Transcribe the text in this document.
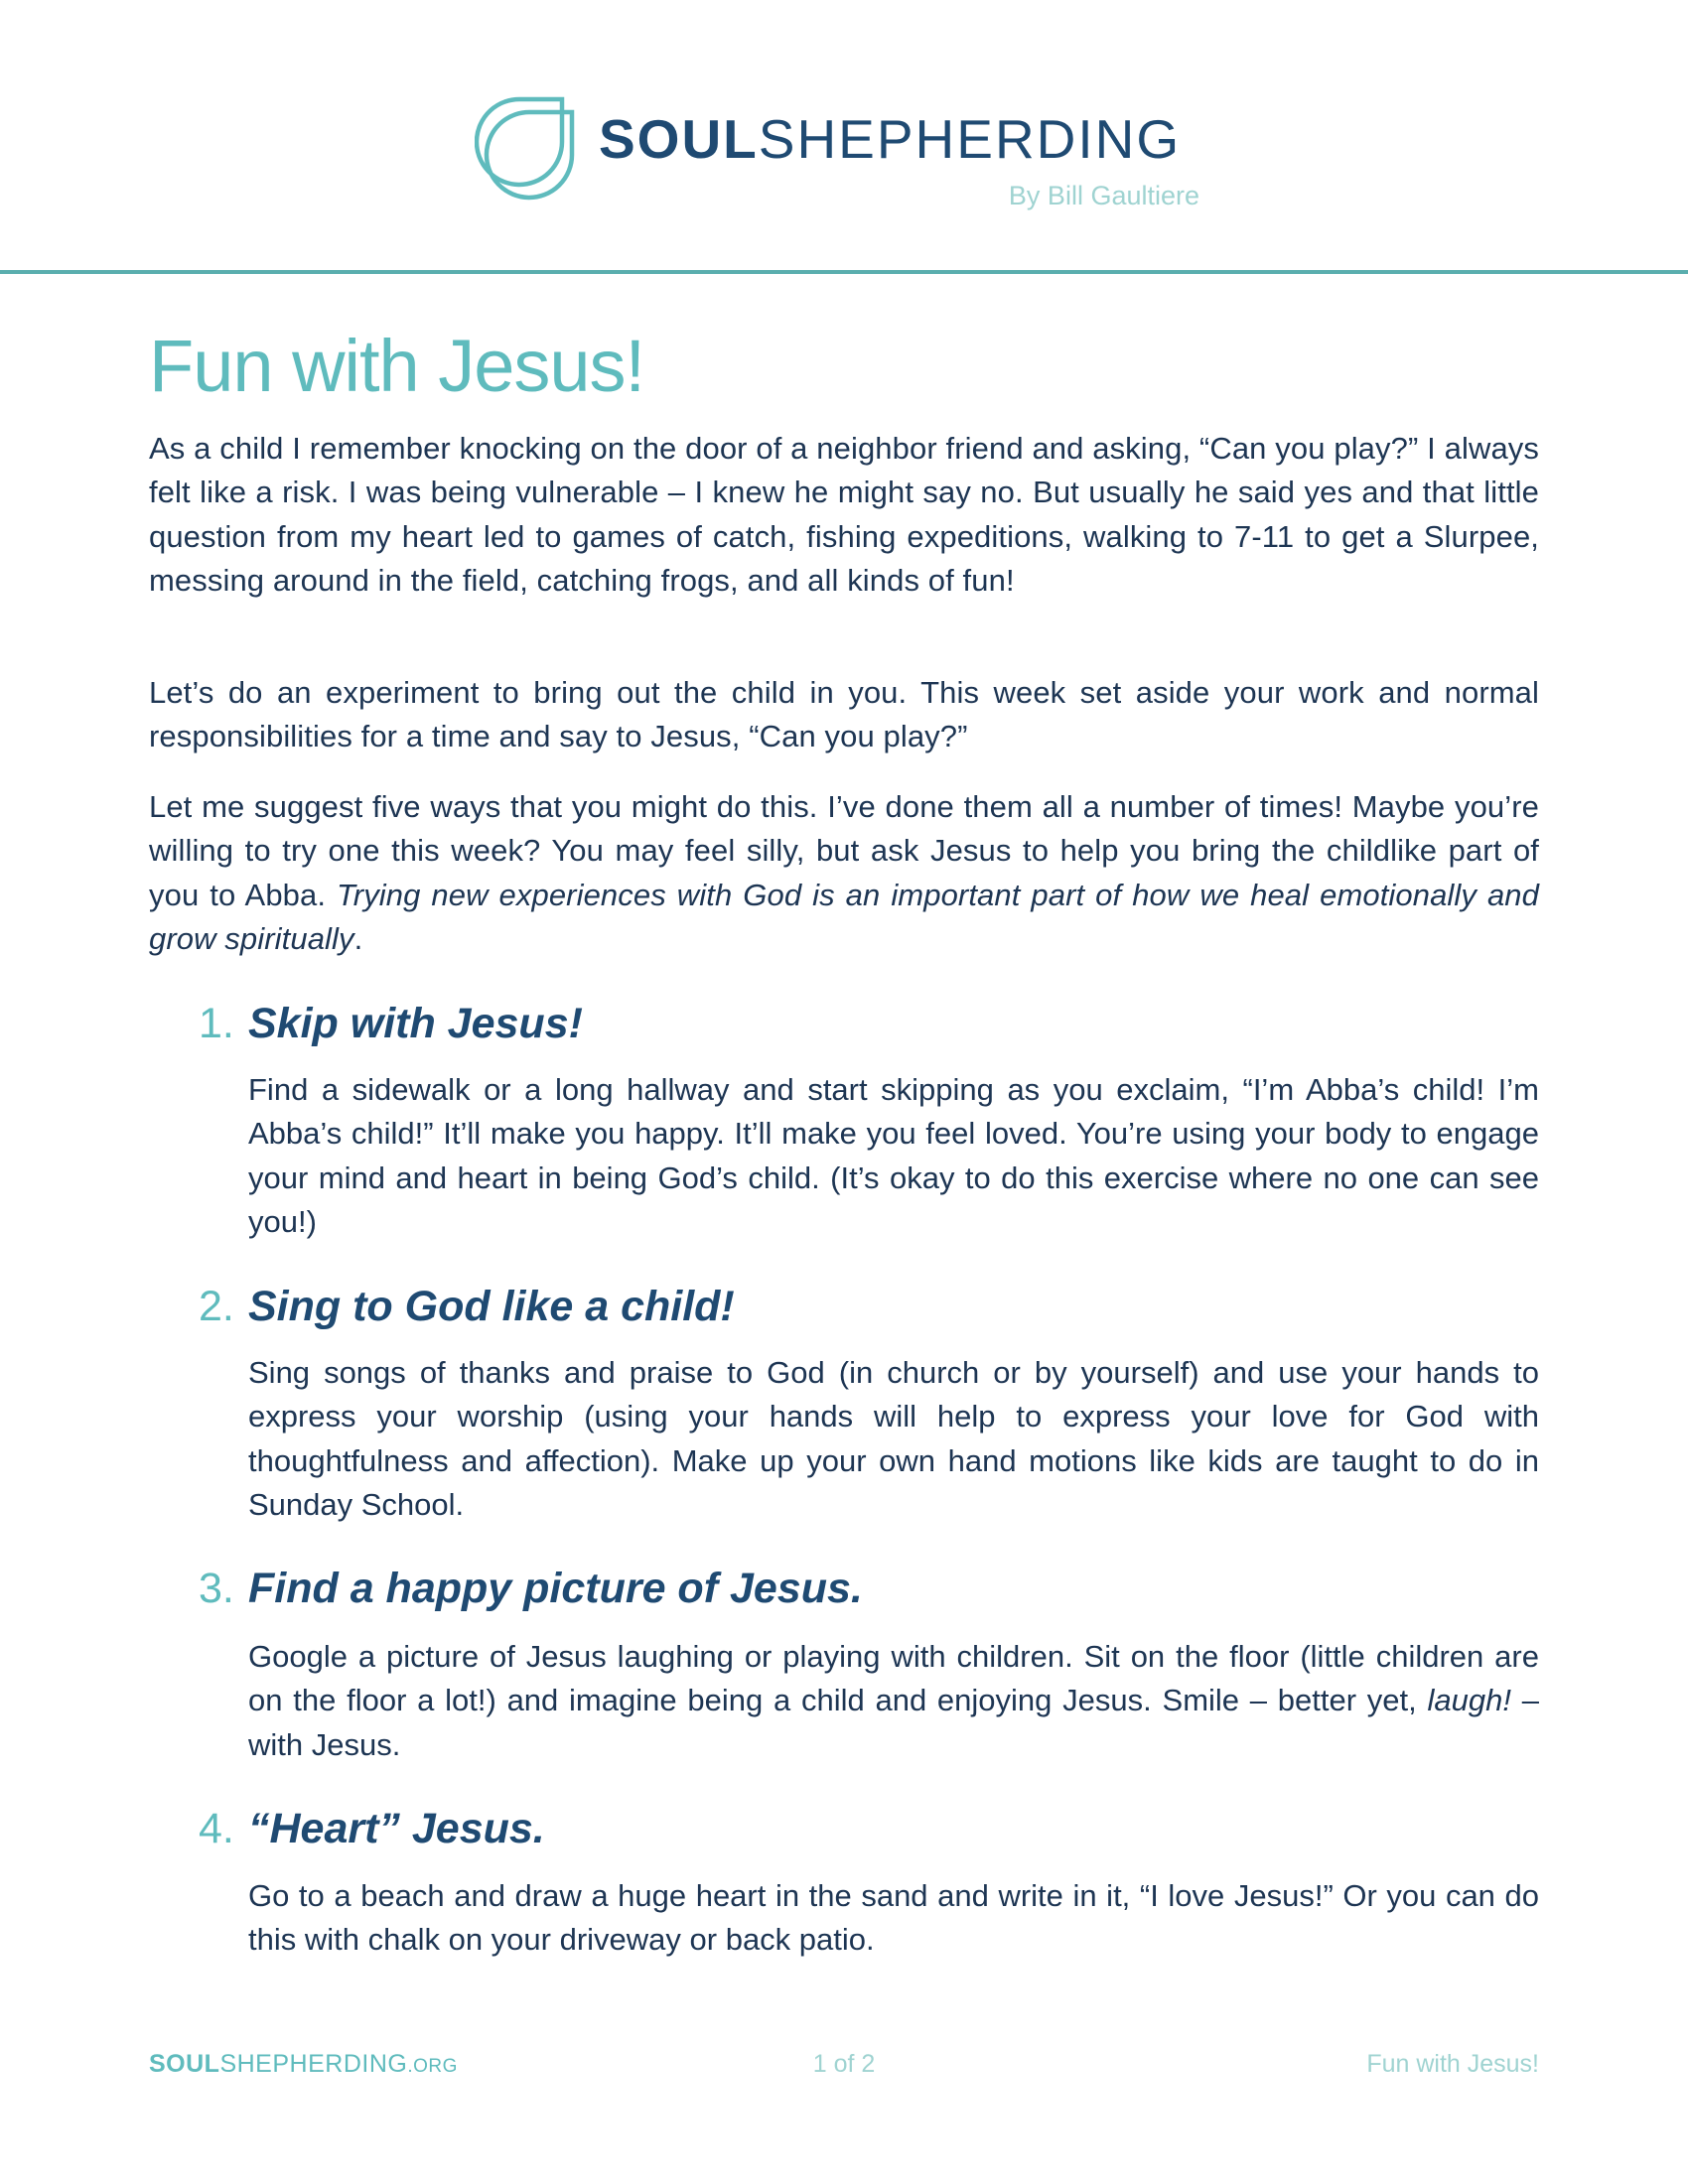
SOULSHEPHERDING
By Bill Gaultiere
Fun with Jesus!

As a child I remember knocking on the door of a neighbor friend and asking, “Can you play?” I always felt like a risk. I was being vulnerable – I knew he might say no. But usually he said yes and that little question from my heart led to games of catch, fishing expeditions, walking to 7-11 to get a Slurpee, messing around in the field, catching frogs, and all kinds of fun!

Let’s do an experiment to bring out the child in you. This week set aside your work and normal responsibilities for a time and say to Jesus, “Can you play?”

Let me suggest five ways that you might do this. I’ve done them all a number of times! Maybe you’re willing to try one this week? You may feel silly, but ask Jesus to help you bring the childlike part of you to Abba. Trying new experiences with God is an important part of how we heal emotionally and grow spiritually.

1. Skip with Jesus!

Find a sidewalk or a long hallway and start skipping as you exclaim, “I’m Abba’s child! I’m Abba’s child!” It’ll make you happy. It’ll make you feel loved. You’re using your body to engage your mind and heart in being God’s child. (It’s okay to do this exercise where no one can see you!)

2. Sing to God like a child!

Sing songs of thanks and praise to God (in church or by yourself) and use your hands to express your worship (using your hands will help to express your love for God with thoughtfulness and affection). Make up your own hand motions like kids are taught to do in Sunday School.

3. Find a happy picture of Jesus.

Google a picture of Jesus laughing or playing with children. Sit on the floor (little children are on the floor a lot!) and imagine being a child and enjoying Jesus. Smile – better yet, laugh! –with Jesus.

4. “Heart” Jesus.

Go to a beach and draw a huge heart in the sand and write in it, “I love Jesus!” Or you can do this with chalk on your driveway or back patio.

SOULSHEPHERDING.ORG	1 of 2	Fun with Jesus!
